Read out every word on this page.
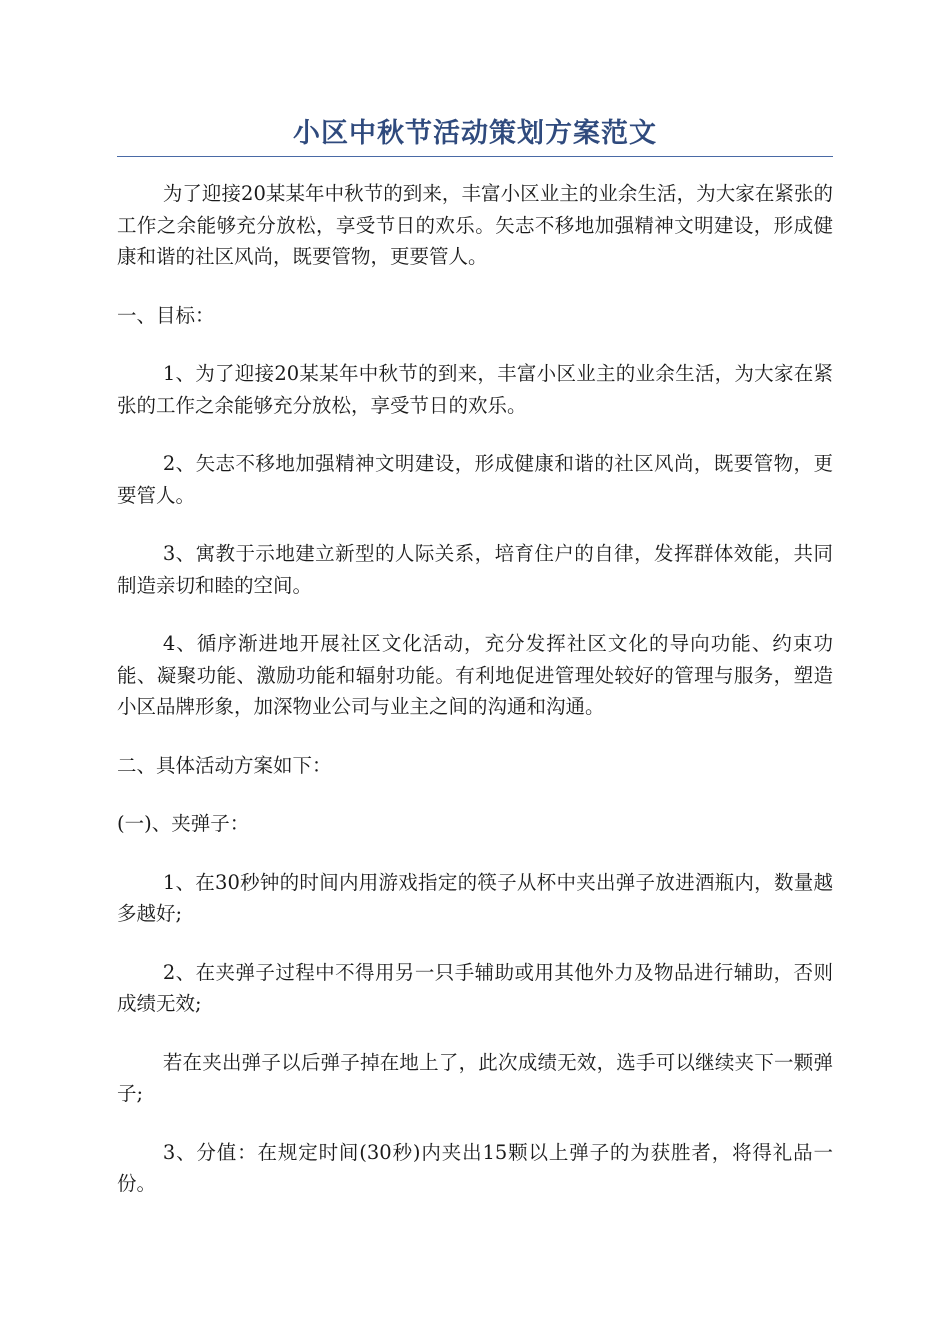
小区中秋节活动策划方案范文

为了迎接20某某年中秋节的到来，丰富小区业主的业余生活，为大家在紧张的工作之余能够充分放松，享受节日的欢乐。矢志不移地加强精神文明建设，形成健康和谐的社区风尚，既要管物，更要管人。

一、目标：

1、为了迎接20某某年中秋节的到来，丰富小区业主的业余生活，为大家在紧张的工作之余能够充分放松，享受节日的欢乐。

2、矢志不移地加强精神文明建设，形成健康和谐的社区风尚，既要管物，更要管人。

3、寓教于示地建立新型的人际关系，培育住户的自律，发挥群体效能，共同制造亲切和睦的空间。

4、循序渐进地开展社区文化活动，充分发挥社区文化的导向功能、约束功能、凝聚功能、激励功能和辐射功能。有利地促进管理处较好的管理与服务，塑造小区品牌形象，加深物业公司与业主之间的沟通和沟通。

二、具体活动方案如下：

(一)、夹弹子：

1、在30秒钟的时间内用游戏指定的筷子从杯中夹出弹子放进酒瓶内，数量越多越好;

2、在夹弹子过程中不得用另一只手辅助或用其他外力及物品进行辅助，否则成绩无效;

若在夹出弹子以后弹子掉在地上了，此次成绩无效，选手可以继续夹下一颗弹子;

3、分值：在规定时间(30秒)内夹出15颗以上弹子的为获胜者，将得礼品一份。
